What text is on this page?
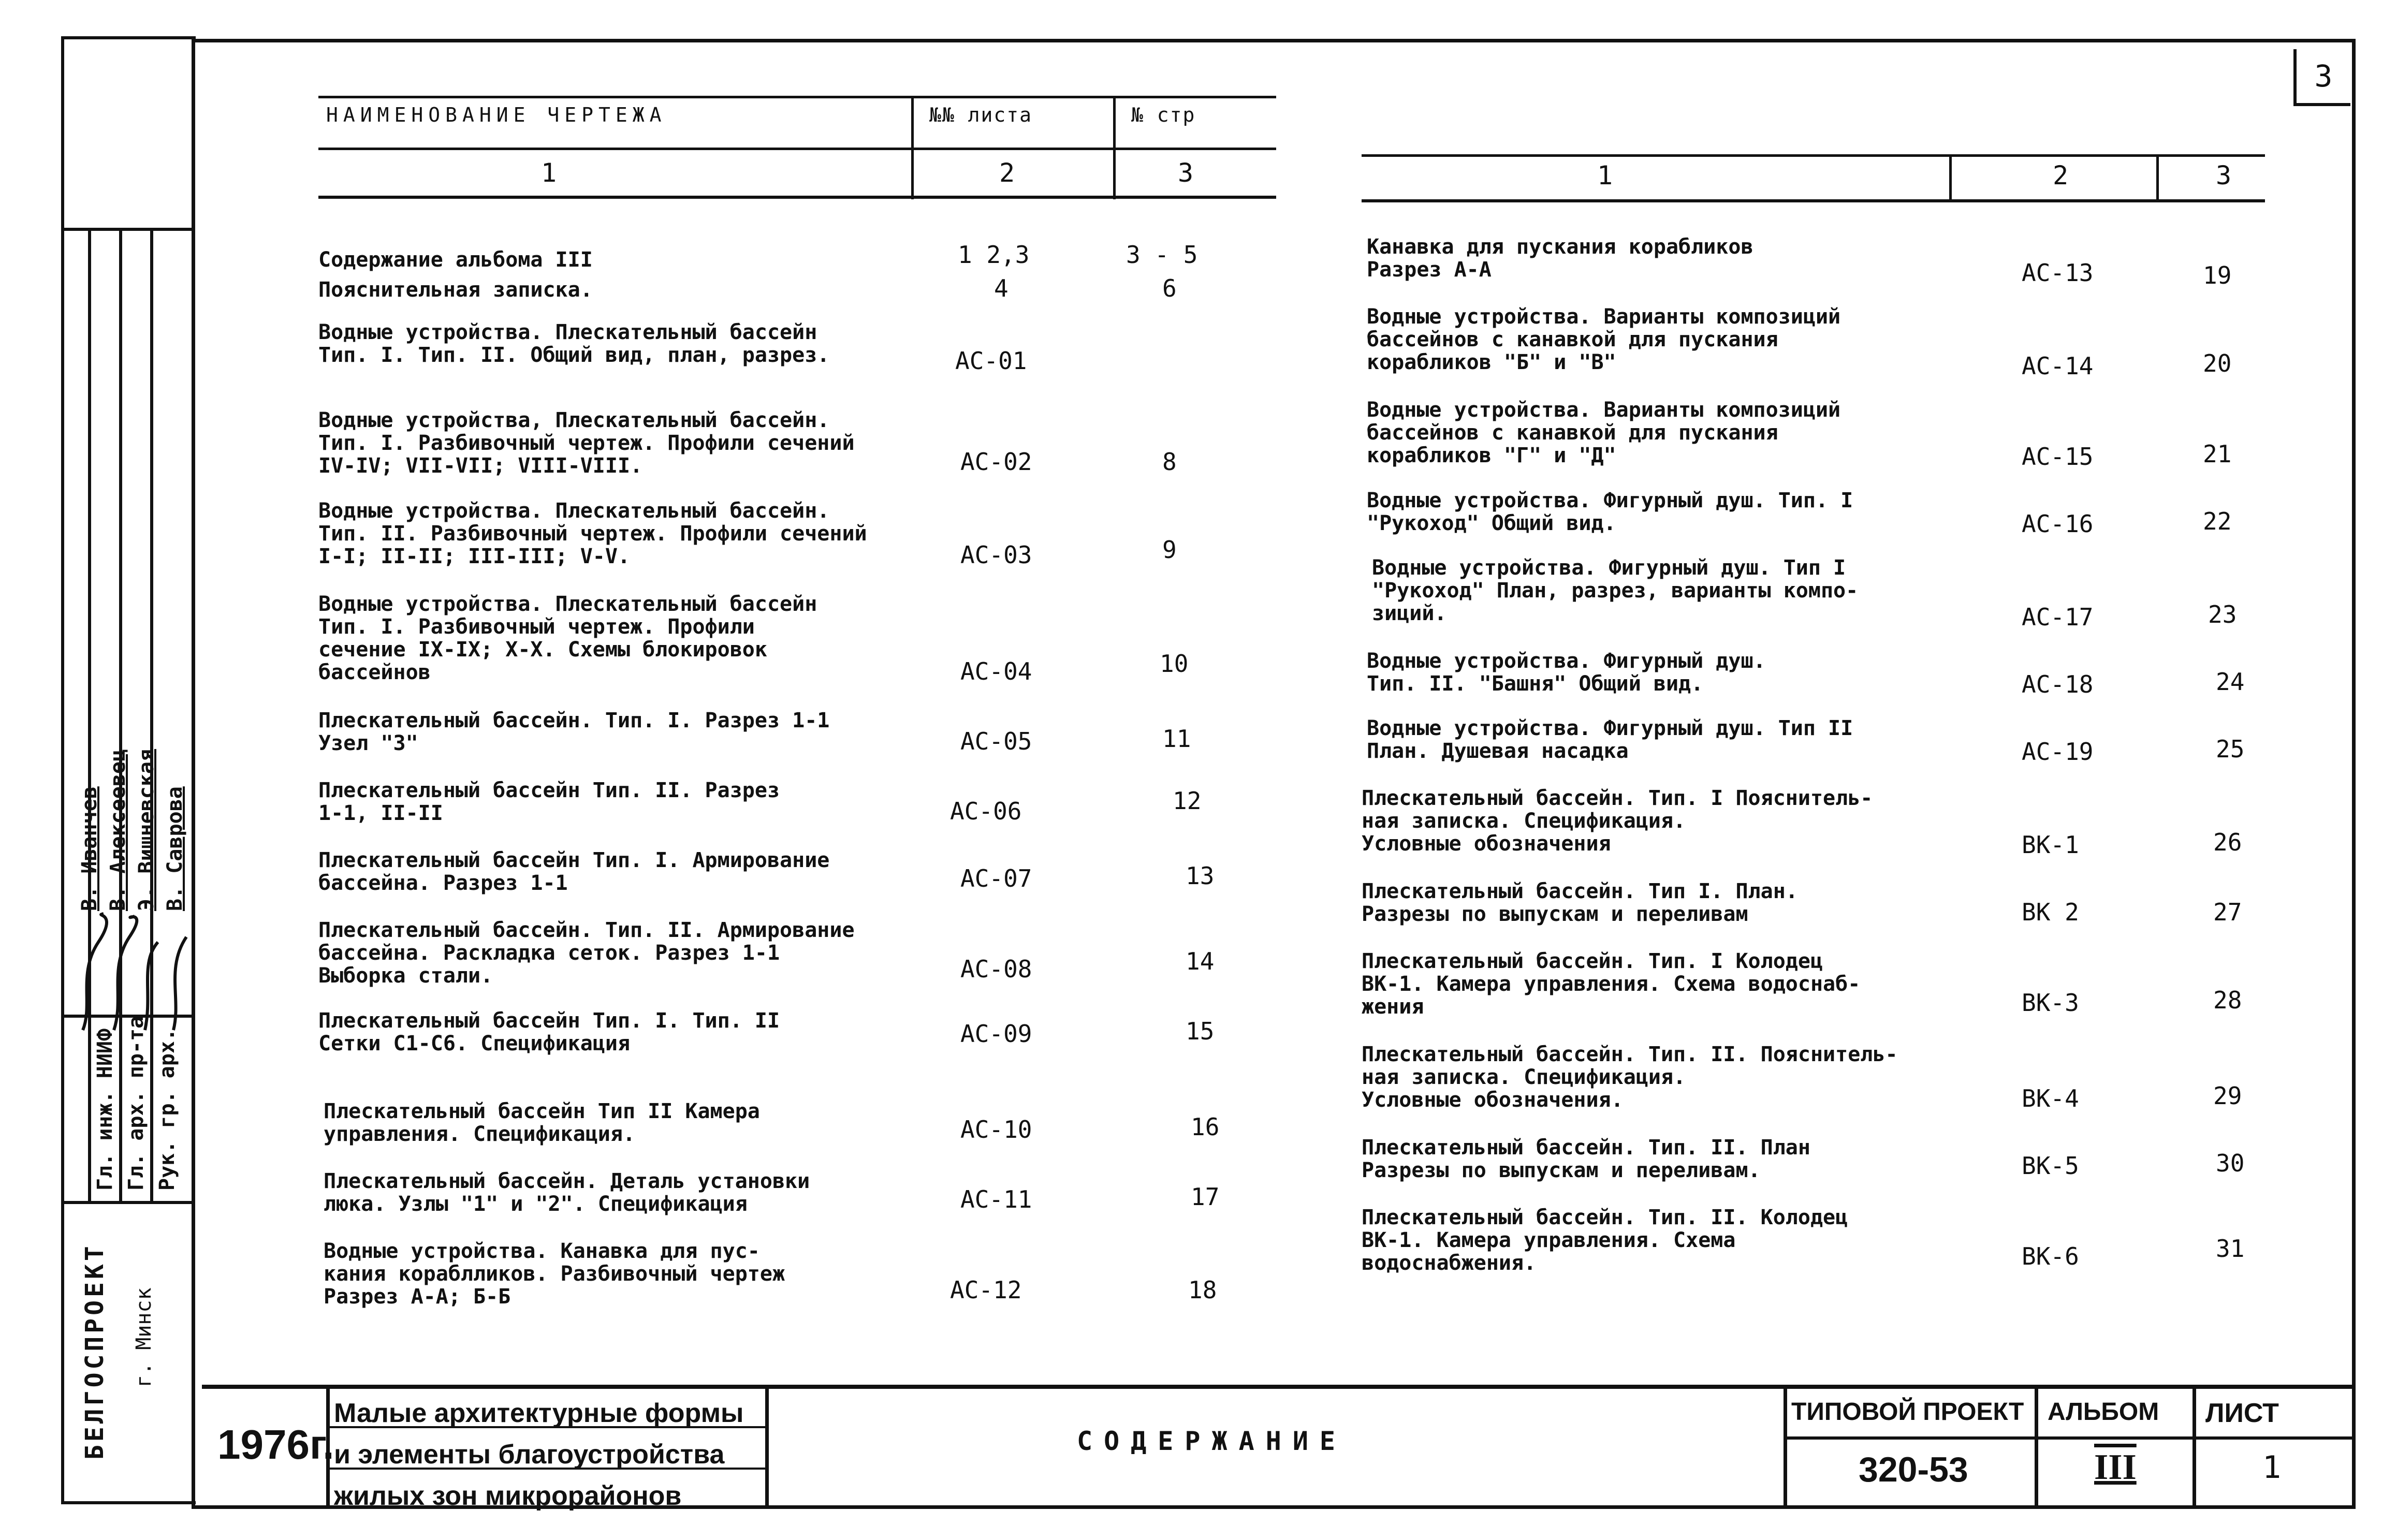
3
Гл. инж. НИИФ Гл. арх. пр-та Рук. гр. арх.
В. Иванчев В. Алексеевец Э. Вишневская В. Саврова
БЕЛГОСПРОЕКТ г. Минск
НАИМЕНОВАНИЕ ЧЕРТЕЖА	№№ листа	№ стр
1	2	3
Содержание альбома III	1 2,3	3 - 5
Пояснительная записка.	4	6
Водные устройства. Плескательный бассейн
Тип. I. Тип. II. Общий вид, план, разрез.	АС-01
Водные устройства, Плескательный бассейн.
Тип. I. Разбивочный чертеж. Профили сечений
IV-IV; VII-VII; VIII-VIII.	АС-02	8
Водные устройства. Плескательный бассейн.
Тип. II. Разбивочный чертеж. Профили сечений
I-I; II-II; III-III; V-V.	АС-03	9
Водные устройства. Плескательный бассейн
Тип. I. Разбивочный чертеж. Профили
сечение IX-IX; X-X. Схемы блокировок
бассейнов	АС-04	10
Плескательный бассейн. Тип. I. Разрез 1-1
Узел "3"	АС-05	11
Плескательный бассейн Тип. II. Разрез
1-1, II-II	АС-06	12
Плескательный бассейн Тип. I. Армирование
бассейна. Разрез 1-1	АС-07	13
Плескательный бассейн. Тип. II. Армирование
бассейна. Раскладка сеток. Разрез 1-1
Выборка стали.	АС-08	14
Плескательный бассейн Тип. I. Тип. II
Сетки С1-С6. Спецификация	АС-09	15
Плескательный бассейн Тип II Камера
управления. Спецификация.	АС-10	16
Плескательный бассейн. Деталь установки
люка. Узлы "1" и "2". Спецификация	АС-11	17
Водные устройства. Канавка для пус-
кания кораблликов. Разбивочный чертеж
Разрез А-А; Б-Б	АС-12	18
1	2	3
Канавка для пускания корабликов
Разрез А-А	АС-13	19
Водные устройства. Варианты композиций
бассейнов с канавкой для пускания
корабликов "Б" и "В"	АС-14	20
Водные устройства. Варианты композиций
бассейнов с канавкой для пускания
корабликов "Г" и "Д"	АС-15	21
Водные устройства. Фигурный душ. Тип. I
"Рукоход" Общий вид.	АС-16	22
Водные устройства. Фигурный душ. Тип I
"Рукоход" План, разрез, варианты компо-
зиций.	АС-17	23
Водные устройства. Фигурный душ.
Тип. II. "Башня" Общий вид.	АС-18	24
Водные устройства. Фигурный душ. Тип II
План. Душевая насадка	АС-19	25
Плескательный бассейн. Тип. I Пояснитель-
ная записка. Спецификация.
Условные обозначения	ВК-1	26
Плескательный бассейн. Тип I. План.
Разрезы по выпускам и переливам	ВК 2	27
Плескательный бассейн. Тип. I Колодец
ВК-1. Камера управления. Схема водоснаб-
жения	ВК-3	28
Плескательный бассейн. Тип. II. Пояснитель-
ная записка. Спецификация.
Условные обозначения.	ВК-4	29
Плескательный бассейн. Тип. II. План
Разрезы по выпускам и переливам.	ВК-5	30
Плескательный бассейн. Тип. II. Колодец
ВК-1. Камера управления. Схема
водоснабжения.	ВК-6	31
1976г.
Малые архитектурные формы
и элементы благоустройства
жилых зон микрорайонов
СОДЕРЖАНИЕ
ТИПОВОЙ ПРОЕКТ
320-53
АЛЬБОМ
III
ЛИСТ
1
